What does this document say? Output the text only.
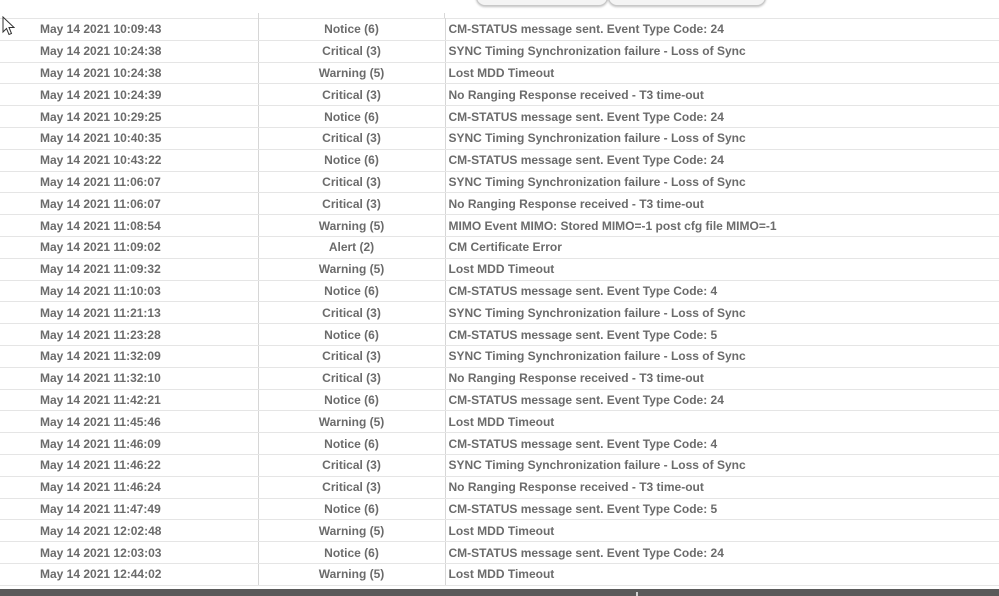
May 14 2021 10:09:43	Notice (6)	CM-STATUS message sent. Event Type Code: 24
May 14 2021 10:24:38	Critical (3)	SYNC Timing Synchronization failure - Loss of Sync
May 14 2021 10:24:38	Warning (5)	Lost MDD Timeout
May 14 2021 10:24:39	Critical (3)	No Ranging Response received - T3 time-out
May 14 2021 10:29:25	Notice (6)	CM-STATUS message sent. Event Type Code: 24
May 14 2021 10:40:35	Critical (3)	SYNC Timing Synchronization failure - Loss of Sync
May 14 2021 10:43:22	Notice (6)	CM-STATUS message sent. Event Type Code: 24
May 14 2021 11:06:07	Critical (3)	SYNC Timing Synchronization failure - Loss of Sync
May 14 2021 11:06:07	Critical (3)	No Ranging Response received - T3 time-out
May 14 2021 11:08:54	Warning (5)	MIMO Event MIMO: Stored MIMO=-1 post cfg file MIMO=-1
May 14 2021 11:09:02	Alert (2)	CM Certificate Error
May 14 2021 11:09:32	Warning (5)	Lost MDD Timeout
May 14 2021 11:10:03	Notice (6)	CM-STATUS message sent. Event Type Code: 4
May 14 2021 11:21:13	Critical (3)	SYNC Timing Synchronization failure - Loss of Sync
May 14 2021 11:23:28	Notice (6)	CM-STATUS message sent. Event Type Code: 5
May 14 2021 11:32:09	Critical (3)	SYNC Timing Synchronization failure - Loss of Sync
May 14 2021 11:32:10	Critical (3)	No Ranging Response received - T3 time-out
May 14 2021 11:42:21	Notice (6)	CM-STATUS message sent. Event Type Code: 24
May 14 2021 11:45:46	Warning (5)	Lost MDD Timeout
May 14 2021 11:46:09	Notice (6)	CM-STATUS message sent. Event Type Code: 4
May 14 2021 11:46:22	Critical (3)	SYNC Timing Synchronization failure - Loss of Sync
May 14 2021 11:46:24	Critical (3)	No Ranging Response received - T3 time-out
May 14 2021 11:47:49	Notice (6)	CM-STATUS message sent. Event Type Code: 5
May 14 2021 12:02:48	Warning (5)	Lost MDD Timeout
May 14 2021 12:03:03	Notice (6)	CM-STATUS message sent. Event Type Code: 24
May 14 2021 12:44:02	Warning (5)	Lost MDD Timeout
